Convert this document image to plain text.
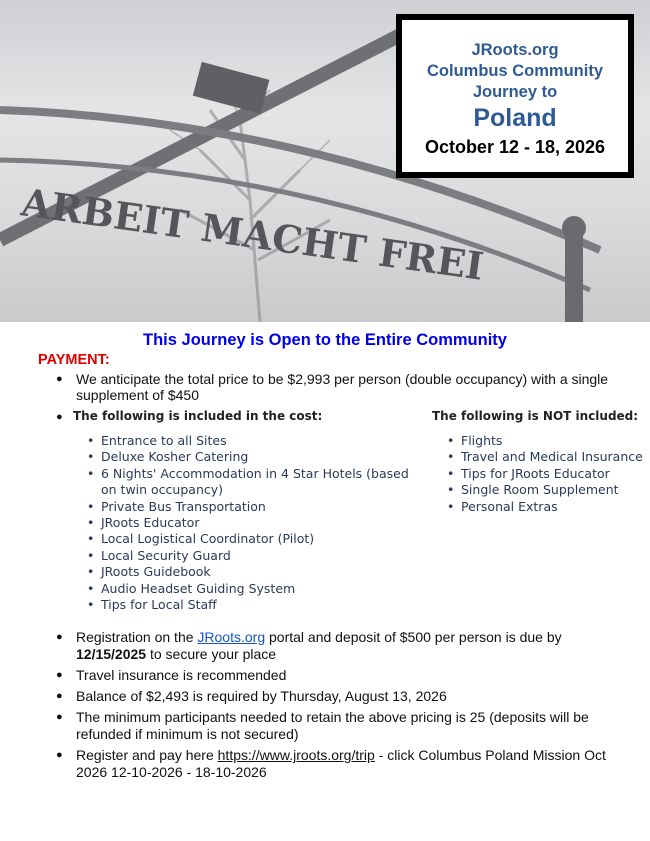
ARBEIT MACHT FREI
JRoots.org
Columbus Community
Journey to
Poland
October 12 - 18, 2026
This Journey is Open to the Entire Community
PAYMENT:
● We anticipate the total price to be $2,993 per person (double occupancy) with a single supplement of $450
● The following is included in the cost:	The following is NOT included:
• Entrance to all Sites
• Deluxe Kosher Catering
• 6 Nights' Accommodation in 4 Star Hotels (based on twin occupancy)
• Private Bus Transportation
• JRoots Educator
• Local Logistical Coordinator (Pilot)
• Local Security Guard
• JRoots Guidebook
• Audio Headset Guiding System
• Tips for Local Staff
• Flights
• Travel and Medical Insurance
• Tips for JRoots Educator
• Single Room Supplement
• Personal Extras
● Registration on the JRoots.org portal and deposit of $500 per person is due by 12/15/2025 to secure your place
● Travel insurance is recommended
● Balance of $2,493 is required by Thursday, August 13, 2026
● The minimum participants needed to retain the above pricing is 25 (deposits will be refunded if minimum is not secured)
● Register and pay here https://www.jroots.org/trip - click Columbus Poland Mission Oct 2026 12-10-2026 - 18-10-2026
